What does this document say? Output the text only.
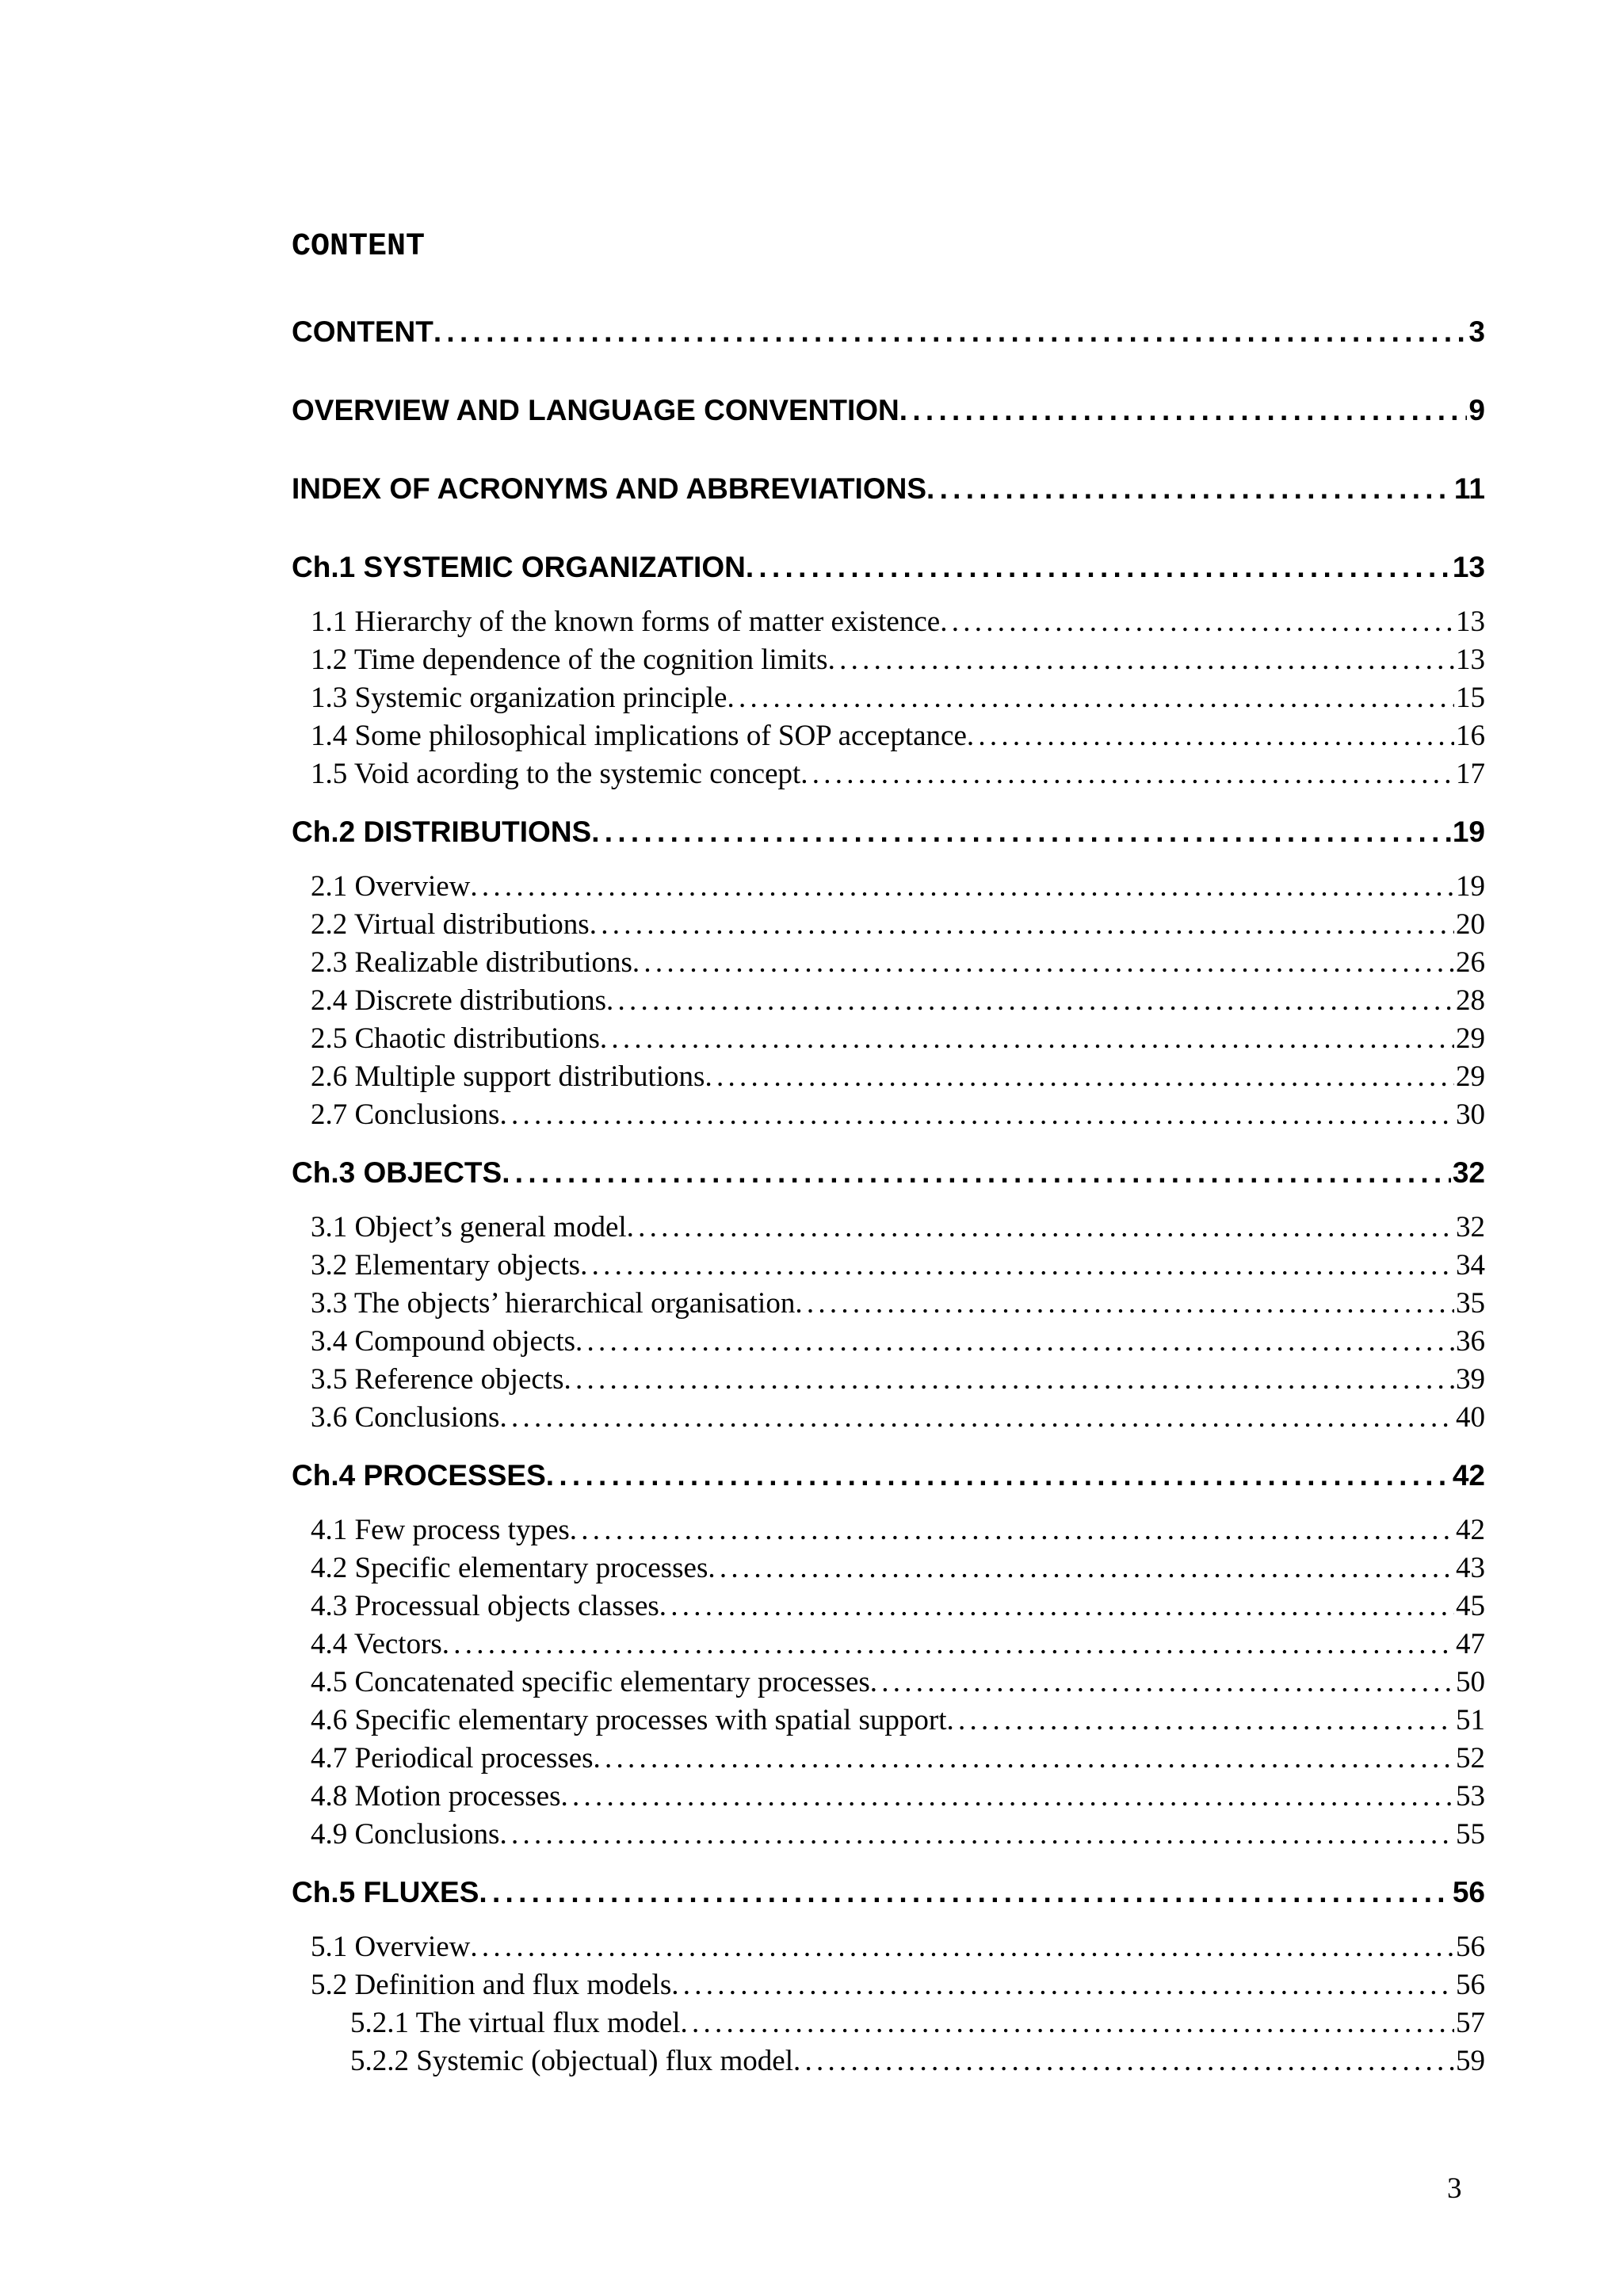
CONTENT
CONTENT . . .	3
OVERVIEW AND LANGUAGE CONVENTION . . .	9
INDEX OF ACRONYMS AND ABBREVIATIONS . . .	11
Ch.1 SYSTEMIC ORGANIZATION . . .	13
1.1 Hierarchy of the known forms of matter existence . . .	13
1.2 Time dependence of the cognition limits . . .	13
1.3 Systemic organization principle . . .	15
1.4 Some philosophical implications of SOP acceptance . . .	16
1.5 Void acording to the systemic concept . . .	17
Ch.2 DISTRIBUTIONS . . .	19
2.1 Overview . . .	19
2.2 Virtual distributions . . .	20
2.3 Realizable distributions . . .	26
2.4 Discrete distributions . . .	28
2.5 Chaotic distributions . . .	29
2.6 Multiple support distributions . . .	29
2.7 Conclusions . . .	30
Ch.3 OBJECTS . . .	32
3.1 Object’s general model . . .	32
3.2 Elementary objects . . .	34
3.3 The objects’ hierarchical organisation . . .	35
3.4 Compound objects . . .	36
3.5 Reference objects . . .	39
3.6 Conclusions . . .	40
Ch.4 PROCESSES . . .	42
4.1 Few process types . . .	42
4.2 Specific elementary processes . . .	43
4.3 Processual objects classes . . .	45
4.4 Vectors . . .	47
4.5 Concatenated specific elementary processes . . .	50
4.6 Specific elementary processes with spatial support . . .	51
4.7 Periodical processes . . .	52
4.8 Motion processes . . .	53
4.9 Conclusions . . .	55
Ch.5 FLUXES . . .	56
5.1 Overview . . .	56
5.2 Definition and flux models . . .	56
5.2.1 The virtual flux model . . .	57
5.2.2 Systemic (objectual) flux model . . .	59

3
